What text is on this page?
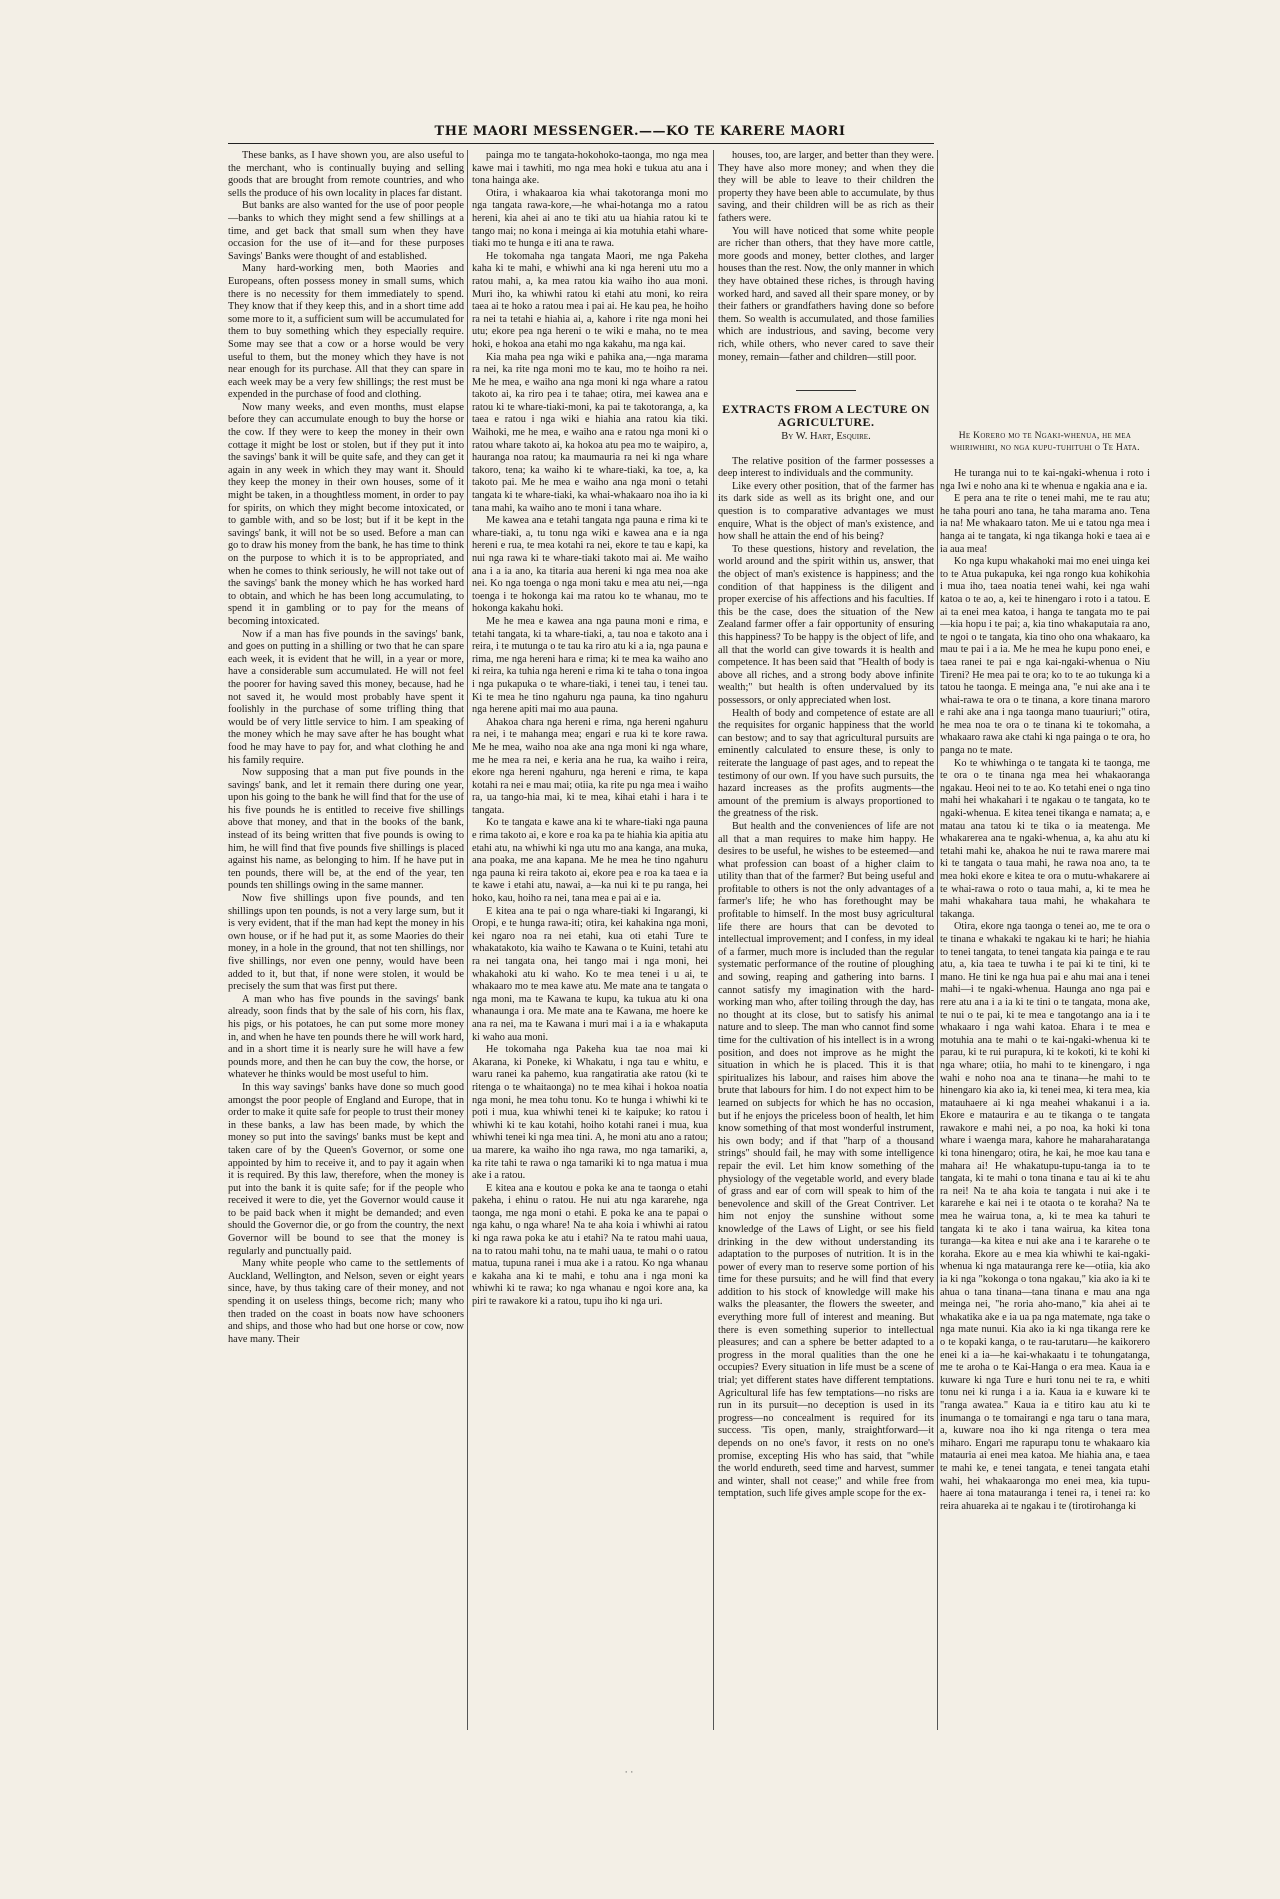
THE MAORI MESSENGER.——KO TE KARERE MAORI

These banks, as I have shown you, are also useful to the merchant, who is continually buying and selling goods that are brought from remote countries, and who sells the produce of his own locality in places far distant.

But banks are also wanted for the use of poor people—banks to which they might send a few shillings at a time, and get back that small sum when they have occasion for the use of it—and for these purposes Savings' Banks were thought of and established.

Many hard-working men, both Maories and Europeans, often possess money in small sums, which there is no necessity for them immediately to spend. They know that if they keep this, and in a short time add some more to it, a sufficient sum will be accumulated for them to buy something which they especially require. Some may see that a cow or a horse would be very useful to them, but the money which they have is not near enough for its purchase. All that they can spare in each week may be a very few shillings; the rest must be expended in the purchase of food and clothing.

Now many weeks, and even months, must elapse before they can accumulate enough to buy the horse or the cow. If they were to keep the money in their own cottage it might be lost or stolen, but if they put it into the savings' bank it will be quite safe, and they can get it again in any week in which they may want it. Should they keep the money in their own houses, some of it might be taken, in a thoughtless moment, in order to pay for spirits, on which they might become intoxicated, or to gamble with, and so be lost; but if it be kept in the savings' bank, it will not be so used. Before a man can go to draw his money from the bank, he has time to think on the purpose to which it is to be appropriated, and when he comes to think seriously, he will not take out of the savings' bank the money which he has worked hard to obtain, and which he has been long accumulating, to spend it in gambling or to pay for the means of becoming intoxicated.

Now if a man has five pounds in the savings' bank, and goes on putting in a shilling or two that he can spare each week, it is evident that he will, in a year or more, have a considerable sum accumulated. He will not feel the poorer for having saved this money, because, had he not saved it, he would most probably have spent it foolishly in the purchase of some trifling thing that would be of very little service to him. I am speaking of the money which he may save after he has bought what food he may have to pay for, and what clothing he and his family require.

Now supposing that a man put five pounds in the savings' bank, and let it remain there during one year, upon his going to the bank he will find that for the use of his five pounds he is entitled to receive five shillings above that money, and that in the books of the bank, instead of its being written that five pounds is owing to him, he will find that five pounds five shillings is placed against his name, as belonging to him. If he have put in ten pounds, there will be, at the end of the year, ten pounds ten shillings owing in the same manner.

Now five shillings upon five pounds, and ten shillings upon ten pounds, is not a very large sum, but it is very evident, that if the man had kept the money in his own house, or if he had put it, as some Maories do their money, in a hole in the ground, that not ten shillings, nor five shillings, nor even one penny, would have been added to it, but that, if none were stolen, it would be precisely the sum that was first put there.

A man who has five pounds in the savings' bank already, soon finds that by the sale of his corn, his flax, his pigs, or his potatoes, he can put some more money in, and when he have ten pounds there he will work hard, and in a short time it is nearly sure he will have a few pounds more, and then he can buy the cow, the horse, or whatever he thinks would be most useful to him.

In this way savings' banks have done so much good amongst the poor people of England and Europe, that in order to make it quite safe for people to trust their money in these banks, a law has been made, by which the money so put into the savings' banks must be kept and taken care of by the Queen's Governor, or some one appointed by him to receive it, and to pay it again when it is required. By this law, therefore, when the money is put into the bank it is quite safe; for if the people who received it were to die, yet the Governor would cause it to be paid back when it might be demanded; and even should the Governor die, or go from the country, the next Governor will be bound to see that the money is regularly and punctually paid.

Many white people who came to the settlements of Auckland, Wellington, and Nelson, seven or eight years since, have, by thus taking care of their money, and not spending it on useless things, become rich; many who then traded on the coast in boats now have schooners and ships, and those who had but one horse or cow, now have many. Their

painga mo te tangata-hokohoko-taonga, mo nga mea kawe mai i tawhiti, mo nga mea hoki e tukua atu ana i tona hainga ake.

Otira, i whakaaroa kia whai takotoranga moni mo nga tangata rawa-kore,—he whai-hotanga mo a ratou hereni, kia ahei ai ano te tiki atu ua hiahia ratou ki te tango mai; no kona i meinga ai kia motuhia etahi whare-tiaki mo te hunga e iti ana te rawa.

He tokomaha nga tangata Maori, me nga Pakeha kaha ki te mahi, e whiwhi ana ki nga hereni utu mo a ratou mahi, a, ka mea ratou kia waiho iho aua moni. Muri iho, ka whiwhi ratou ki etahi atu moni, ko reira taea ai te hoko a ratou mea i pai ai. He kau pea, he hoiho ra nei ta tetahi e hiahia ai, a, kahore i rite nga moni hei utu; ekore pea nga hereni o te wiki e maha, no te mea hoki, e hokoa ana etahi mo nga kakahu, ma nga kai.

Kia maha pea nga wiki e pahika ana,—nga marama ra nei, ka rite nga moni mo te kau, mo te hoiho ra nei. Me he mea, e waiho ana nga moni ki nga whare a ratou takoto ai, ka riro pea i te tahae; otira, mei kawea ana e ratou ki te whare-tiaki-moni, ka pai te takotoranga, a, ka taea e ratou i nga wiki e hiahia ana ratou kia tiki. Waihoki, me he mea, e waiho ana e ratou nga moni ki o ratou whare takoto ai, ka hokoa atu pea mo te waipiro, a, hauranga noa ratou; ka maumauria ra nei ki nga whare takoro, tena; ka waiho ki te whare-tiaki, ka toe, a, ka takoto pai. Me he mea e waiho ana nga moni o tetahi tangata ki te whare-tiaki, ka whai-whakaaro noa iho ia ki tana mahi, ka waiho ano te moni i tana whare.

Me kawea ana e tetahi tangata nga pauna e rima ki te whare-tiaki, a, tu tonu nga wiki e kawea ana e ia nga hereni e rua, te mea kotahi ra nei, ekore te tau e kapi, ka nui nga rawa ki te whare-tiaki takoto mai ai. Me waiho ana i a ia ano, ka titaria aua hereni ki nga mea noa ake nei. Ko nga toenga o nga moni taku e mea atu nei,—nga toenga i te hokonga kai ma ratou ko te whanau, mo te hokonga kakahu hoki.

Me he mea e kawea ana nga pauna moni e rima, e tetahi tangata, ki ta whare-tiaki, a, tau noa e takoto ana i reira, i te mutunga o te tau ka riro atu ki a ia, nga pauna e rima, me nga hereni hara e rima; ki te mea ka waiho ano ki reira, ka tuhia nga hereni e rima ki te taha o tona ingoa i nga pukapuka o te whare-tiaki, i tenei tau, i tenei tau. Ki te mea he tino ngahuru nga pauna, ka tino ngahuru nga herene apiti mai mo aua pauna.

Ahakoa chara nga hereni e rima, nga hereni ngahuru ra nei, i te mahanga mea; engari e rua ki te kore rawa. Me he mea, waiho noa ake ana nga moni ki nga whare, me he mea ra nei, e keria ana he rua, ka waiho i reira, ekore nga hereni ngahuru, nga hereni e rima, te kapa kotahi ra nei e mau mai; otiia, ka rite pu nga mea i waiho ra, ua tango-hia mai, ki te mea, kihai etahi i hara i te tangata.

Ko te tangata e kawe ana ki te whare-tiaki nga pauna e rima takoto ai, e kore e roa ka pa te hiahia kia apitia atu etahi atu, na whiwhi ki nga utu mo ana kanga, ana muka, ana poaka, me ana kapana. Me he mea he tino ngahuru nga pauna ki reira takoto ai, ekore pea e roa ka taea e ia te kawe i etahi atu, nawai, a—ka nui ki te pu ranga, hei hoko, kau, hoiho ra nei, tana mea e pai ai e ia.

E kitea ana te pai o nga whare-tiaki ki Ingarangi, ki Oropi, e te hunga rawa-iti; otira, kei kahakina nga moni, kei ngaro noa ra nei etahi, kua oti etahi Ture te whakatakoto, kia waiho te Kawana o te Kuini, tetahi atu ra nei tangata ona, hei tango mai i nga moni, hei whakahoki atu ki waho. Ko te mea tenei i u ai, te whakaaro mo te mea kawe atu. Me mate ana te tangata o nga moni, ma te Kawana te kupu, ka tukua atu ki ona whanaunga i ora. Me mate ana te Kawana, me hoere ke ana ra nei, ma te Kawana i muri mai i a ia e whakaputa ki waho aua moni.

He tokomaha nga Pakeha kua tae noa mai ki Akarana, ki Poneke, ki Whakatu, i nga tau e whitu, e waru ranei ka pahemo, kua rangatiratia ake ratou (ki te ritenga o te whaitaonga) no te mea kihai i hokoa noatia nga moni, he mea tohu tonu. Ko te hunga i whiwhi ki te poti i mua, kua whiwhi tenei ki te kaipuke; ko ratou i whiwhi ki te kau kotahi, hoiho kotahi ranei i mua, kua whiwhi tenei ki nga mea tini. A, he moni atu ano a ratou; ua marere, ka waiho iho nga rawa, mo nga tamariki, a, ka rite tahi te rawa o nga tamariki ki to nga matua i mua ake i a ratou.

E kitea ana e koutou e poka ke ana te taonga o etahi pakeha, i ehinu o ratou. He nui atu nga kararehe, nga taonga, me nga moni o etahi. E poka ke ana te papai o nga kahu, o nga whare! Na te aha koia i whiwhi ai ratou ki nga rawa poka ke atu i etahi? Na te ratou mahi uaua, na to ratou mahi tohu, na te mahi uaua, te mahi o o ratou matua, tupuna ranei i mua ake i a ratou. Ko nga whanau e kakaha ana ki te mahi, e tohu ana i nga moni ka whiwhi ki te rawa; ko nga whanau e ngoi kore ana, ka piri te rawakore ki a ratou, tupu iho ki nga uri.

houses, too, are larger, and better than they were. They have also more money; and when they die they will be able to leave to their children the property they have been able to accumulate, by thus saving, and their children will be as rich as their fathers were.

You will have noticed that some white people are richer than others, that they have more cattle, more goods and money, better clothes, and larger houses than the rest. Now, the only manner in which they have obtained these riches, is through having worked hard, and saved all their spare money, or by their fathers or grandfathers having done so before them. So wealth is accumulated, and those families which are industrious, and saving, become very rich, while others, who never cared to save their money, remain—father and children—still poor.

EXTRACTS FROM A LECTURE ON AGRICULTURE.
By W. Hart, Esquire.

The relative position of the farmer possesses a deep interest to individuals and the community.

Like every other position, that of the farmer has its dark side as well as its bright one, and our question is to comparative advantages we must enquire, What is the object of man's existence, and how shall he attain the end of his being?

To these questions, history and revelation, the world around and the spirit within us, answer, that the object of man's existence is happiness; and the condition of that happiness is the diligent and proper exercise of his affections and his faculties. If this be the case, does the situation of the New Zealand farmer offer a fair opportunity of ensuring this happiness? To be happy is the object of life, and all that the world can give towards it is health and competence. It has been said that "Health of body is above all riches, and a strong body above infinite wealth;" but health is often undervalued by its possessors, or only appreciated when lost.

Health of body and competence of estate are all the requisites for organic happiness that the world can bestow; and to say that agricultural pursuits are eminently calculated to ensure these, is only to reiterate the language of past ages, and to repeat the testimony of our own. If you have such pursuits, the hazard increases as the profits augments—the amount of the premium is always proportioned to the greatness of the risk.

But health and the conveniences of life are not all that a man requires to make him happy. He desires to be useful, he wishes to be esteemed—and what profession can boast of a higher claim to utility than that of the farmer? But being useful and profitable to others is not the only advantages of a farmer's life; he who has forethought may be profitable to himself. In the most busy agricultural life there are hours that can be devoted to intellectual improvement; and I confess, in my ideal of a farmer, much more is included than the regular systematic performance of the routine of ploughing and sowing, reaping and gathering into barns. I cannot satisfy my imagination with the hard-working man who, after toiling through the day, has no thought at its close, but to satisfy his animal nature and to sleep. The man who cannot find some time for the cultivation of his intellect is in a wrong position, and does not improve as he might the situation in which he is placed. This it is that spiritualizes his labour, and raises him above the brute that labours for him. I do not expect him to be learned on subjects for which he has no occasion, but if he enjoys the priceless boon of health, let him know something of that most wonderful instrument, his own body; and if that "harp of a thousand strings" should fail, he may with some intelligence repair the evil. Let him know something of the physiology of the vegetable world, and every blade of grass and ear of corn will speak to him of the benevolence and skill of the Great Contriver. Let him not enjoy the sunshine without some knowledge of the Laws of Light, or see his field drinking in the dew without understanding its adaptation to the purposes of nutrition. It is in the power of every man to reserve some portion of his time for these pursuits; and he will find that every addition to his stock of knowledge will make his walks the pleasanter, the flowers the sweeter, and everything more full of interest and meaning. But there is even something superior to intellectual pleasures; and can a sphere be better adapted to a progress in the moral qualities than the one he occupies? Every situation in life must be a scene of trial; yet different states have different temptations. Agricultural life has few temptations—no risks are run in its pursuit—no deception is used in its progress—no concealment is required for its success. 'Tis open, manly, straightforward—it depends on no one's favor, it rests on no one's promise, excepting His who has said, that "while the world endureth, seed time and harvest, summer and winter, shall not cease;" and while free from temptation, such life gives ample scope for the ex-

He Korero mo te Ngaki-whenua, he mea whiriwhiri, no nga kupu-tuhituhi o Te Hata.

He turanga nui to te kai-ngaki-whenua i roto i nga Iwi e noho ana ki te whenua e ngakia ana e ia.

E pera ana te rite o tenei mahi, me te rau atu; he taha pouri ano tana, he taha marama ano. Tena ia na! Me whakaaro taton. Me ui e tatou nga mea i hanga ai te tangata, ki nga tikanga hoki e taea ai e ia aua mea!

Ko nga kupu whakahoki mai mo enei uinga kei to te Atua pukapuka, kei nga rongo kua kohikohia i mua iho, taea noatia tenei wahi, kei nga wahi katoa o te ao, a, kei te hinengaro i roto i a tatou. E ai ta enei mea katoa, i hanga te tangata mo te pai—kia hopu i te pai; a, kia tino whakaputaia ra ano, te ngoi o te tangata, kia tino oho ona whakaaro, ka mau te pai i a ia. Me he mea he kupu pono enei, e taea ranei te pai e nga kai-ngaki-whenua o Niu Tireni? He mea pai te ora; ko to te ao tukunga ki a tatou he taonga. E meinga ana, "e nui ake ana i te whai-rawa te ora o te tinana, a kore tinana maroro e rahi ake ana i nga taonga mano tuauriuri;" otira, he mea noa te ora o te tinana ki te tokomaha, a whakaaro rawa ake ctahi ki nga painga o te ora, ho panga no te mate.

Ko te whiwhinga o te tangata ki te taonga, me te ora o te tinana nga mea hei whakaoranga ngakau. Heoi nei to te ao. Ko tetahi enei o nga tino mahi hei whakahari i te ngakau o te tangata, ko te ngaki-whenua. E kitea tenei tikanga e namata; a, e matau ana tatou ki te tika o ia meatenga. Me whakarerea ana te ngaki-whenua, a, ka ahu atu ki tetahi mahi ke, ahakoa he nui te rawa marere mai ki te tangata o taua mahi, he rawa noa ano, ta te mea hoki ekore e kitea te ora o mutu-whakarere ai te whai-rawa o roto o taua mahi, a, ki te mea he mahi whakahara taua mahi, he whakahara te takanga.

Otira, ekore nga taonga o tenei ao, me te ora o te tinana e whakaki te ngakau ki te hari; he hiahia to tenei tangata, to tenei tangata kia painga e te rau atu, a, kia taea te tuwha i te pai ki te tini, ki te mano. He tini ke nga hua pai e ahu mai ana i tenei mahi—i te ngaki-whenua. Haunga ano nga pai e rere atu ana i a ia ki te tini o te tangata, mona ake, te nui o te pai, ki te mea e tangotango ana ia i te whakaaro i nga wahi katoa. Ehara i te mea e motuhia ana te mahi o te kai-ngaki-whenua ki te parau, ki te rui purapura, ki te kokoti, ki te kohi ki nga whare; otiia, ho mahi to te kinengaro, i nga wahi e noho noa ana te tinana—he mahi to te hinengaro kia ako ia, ki tenei mea, ki tera mea, kia matauhaere ai ki nga meahei whakanui i a ia. Ekore e mataurira e au te tikanga o te tangata rawakore e mahi nei, a po noa, ka hoki ki tona whare i waenga mara, kahore he maharaharatanga ki tona hinengaro; otira, he kai, he moe kau tana e mahara ai! He whakatupu-tupu-tanga ia to te tangata, ki te mahi o tona tinana e tau ai ki te ahu ra nei! Na te aha koia te tangata i nui ake i te kararehe e kai nei i te otaota o te koraha? Na te mea he wairua tona, a, ki te mea ka tahuri te tangata ki te ako i tana wairua, ka kitea tona turanga—ka kitea e nui ake ana i te kararehe o te koraha. Ekore au e mea kia whiwhi te kai-ngaki-whenua ki nga matauranga rere ke—otiia, kia ako ia ki nga "kokonga o tona ngakau," kia ako ia ki te ahua o tana tinana—tana tinana e mau ana nga meinga nei, "he roria aho-mano," kia ahei ai te whakatika ake e ia ua pa nga matemate, nga take o nga mate nunui. Kia ako ia ki nga tikanga rere ke o te kopaki kanga, o te rau-tarutaru—he kaikorero enei ki a ia—he kai-whakaatu i te tohungatanga, me te aroha o te Kai-Hanga o era mea. Kaua ia e kuware ki nga Ture e huri tonu nei te ra, e whiti tonu nei ki runga i a ia. Kaua ia e kuware ki te "ranga awatea." Kaua ia e titiro kau atu ki te inumanga o te tomairangi e nga taru o tana mara, a, kuware noa iho ki nga ritenga o tera mea miharo. Engari me rapurapu tonu te whakaaro kia matauria ai enei mea katoa. Me hiahia ana, e taea te mahi ke, e tenei tangata, e tenei tangata etahi wahi, hei whakaaronga mo enei mea, kia tupu-haere ai tona matauranga i tenei ra, i tenei ra: ko reira ahuareka ai te ngakau i te (tirotirohanga ki

· ·
